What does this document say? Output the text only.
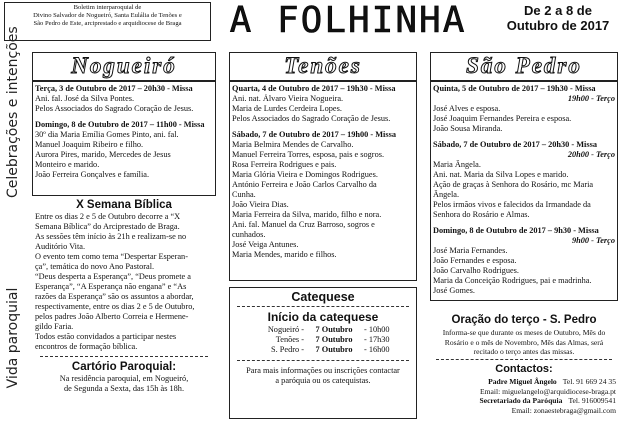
Boletim interparoquial de
Divino Salvador de Nogueiró, Santa Eulália de Tenões e
São Pedro de Este, arciprestado e arquidiocese de Braga	A FOLHINHA	De 2 a 8 de
Outubro de 2017
Celebrações e intenções
Vida paroquial
Nogueiró
Terça, 3 de Outubro de 2017 – 20h30 - Missa
Ani. fal. José da Silva Pontes.
Pelos Associados do Sagrado Coração de Jesus.
Domingo, 8 de Outubro de 2017 – 11h00 - Missa
30º dia Maria Emília Gomes Pinto, ani. fal.
Manuel Joaquim Ribeiro e filho.
Aurora Pires, marido, Mercedes de Jesus
Monteiro e marido.
João Ferreira Gonçalves e família.
X Semana Bíblica
Entre os dias 2 e 5 de Outubro decorre a “X
Semana Bíblica” do Arciprestado de Braga.
As sessões têm início às 21h e realizam-se no
Auditório Vita.
O evento tem como tema “Despertar Esperan-
ça”, temática do novo Ano Pastoral.
“Deus desperta a Esperança”, “Deus promete a
Esperança”, “A Esperança não engana” e “As
razões da Esperança” são os assuntos a abordar,
respectivamente, entre os dias 2 e 5 de Outubro,
pelos padres João Alberto Correia e Hermene-
gildo Faria.
Todos estão convidados a participar nestes
encontros de formação bíblica.
Cartório Paroquial:
Na residência paroquial, em Nogueiró,
de Segunda a Sexta, das 15h às 18h.
Tenões
Quarta, 4 de Outubro de 2017 – 19h30 - Missa
Ani. nat. Álvaro Vieira Nogueira.
Maria de Lurdes Cerdeira Lopes.
Pelos Associados do Sagrado Coração de Jesus.
Sábado, 7 de Outubro de 2017 – 19h00 - Missa
Maria Belmira Mendes de Carvalho.
Manuel Ferreira Torres, esposa, pais e sogros.
Rosa Ferreira Rodrigues e pais.
Maria Glória Vieira e Domingos Rodrigues.
António Ferreira e João Carlos Carvalho da
Cunha.
João Vieira Dias.
Maria Ferreira da Silva, marido, filho e nora.
Ani. fal. Manuel da Cruz Barroso, sogros e
cunhados.
José Veiga Antunes.
Maria Mendes, marido e filhos.
Catequese
Início da catequese
Nogueiró -	7 Outubro	- 10h00
Tenões -	7 Outubro	- 17h30
S. Pedro -	7 Outubro	- 16h00
Para mais informações ou inscrições contactar
a paróquia ou os catequistas.
São Pedro
Quinta, 5 de Outubro de 2017 – 19h30 - Missa
19h00 - Terço
José Alves e esposa.
José Joaquim Fernandes Pereira e esposa.
João Sousa Miranda.
Sábado, 7 de Outubro de 2017 – 20h30 - Missa
20h00 - Terço
Maria Ângela.
Ani. nat. Maria da Silva Lopes e marido.
Ação de graças à Senhora do Rosário, mc Maria
Ângela.
Pelos irmãos vivos e falecidos da Irmandade da
Senhora do Rosário e Almas.
Domingo, 8 de Outubro de 2017 – 9h30 - Missa
9h00 - Terço
José Maria Fernandes.
João Fernandes e esposa.
João Carvalho Rodrigues.
Maria da Conceição Rodrigues, pai e madrinha.
José Gomes.
Oração do terço - S. Pedro
Informa-se que durante os meses de Outubro, Mês do
Rosário e o mês de Novembro, Mês das Almas, será
recitado o terço antes das missas.
Contactos:
Padre Miguel Ângelo Tel. 91 669 24 35
Email: miguelangelo@arquidiocese-braga.pt
Secretariado da Paróquia Tel. 916009541
Email: zonaestebraga@gmail.com
